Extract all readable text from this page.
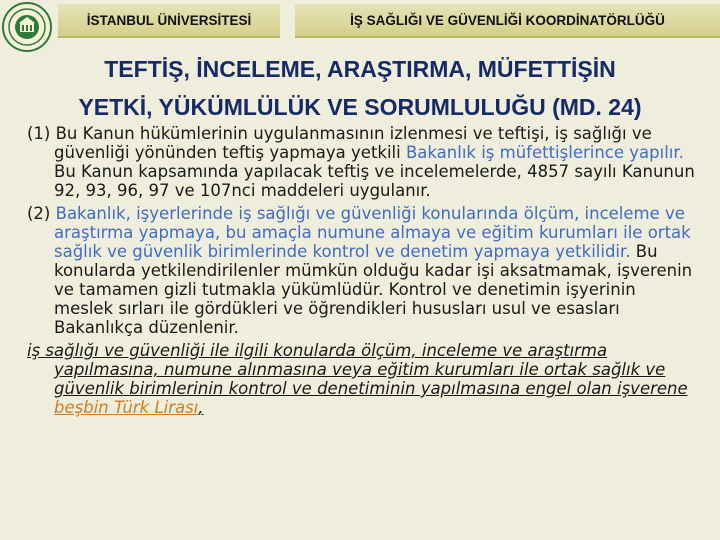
İSTANBUL ÜNİVERSİTESİ	İŞ SAĞLIĞI VE GÜVENLİĞİ KOORDİNATÖRLÜĞÜ
TEFTİŞ, İNCELEME, ARAŞTIRMA, MÜFETTİŞİN
YETKİ, YÜKÜMLÜLÜK VE SORUMLULUĞU (MD. 24)

(1) Bu Kanun hükümlerinin uygulanmasının izlenmesi ve teftişi, iş sağlığı ve güvenliği yönünden teftiş yapmaya yetkili Bakanlık iş müfettişlerince yapılır. Bu Kanun kapsamında yapılacak teftiş ve incelemelerde, 4857 sayılı Kanunun 92, 93, 96, 97 ve 107nci maddeleri uygulanır.

(2) Bakanlık, işyerlerinde iş sağlığı ve güvenliği konularında ölçüm, inceleme ve araştırma yapmaya, bu amaçla numune almaya ve eğitim kurumları ile ortak sağlık ve güvenlik birimlerinde kontrol ve denetim yapmaya yetkilidir. Bu konularda yetkilendirilenler mümkün olduğu kadar işi aksatmamak, işverenin ve tamamen gizli tutmakla yükümlüdür. Kontrol ve denetimin işyerinin meslek sırları ile gördükleri ve öğrendikleri hususları usul ve esasları Bakanlıkça düzenlenir.

iş sağlığı ve güvenliği ile ilgili konularda ölçüm, inceleme ve araştırma yapılmasına, numune alınmasına veya eğitim kurumları ile ortak sağlık ve güvenlik birimlerinin kontrol ve denetiminin yapılmasına engel olan işverene beşbin Türk Lirası,
